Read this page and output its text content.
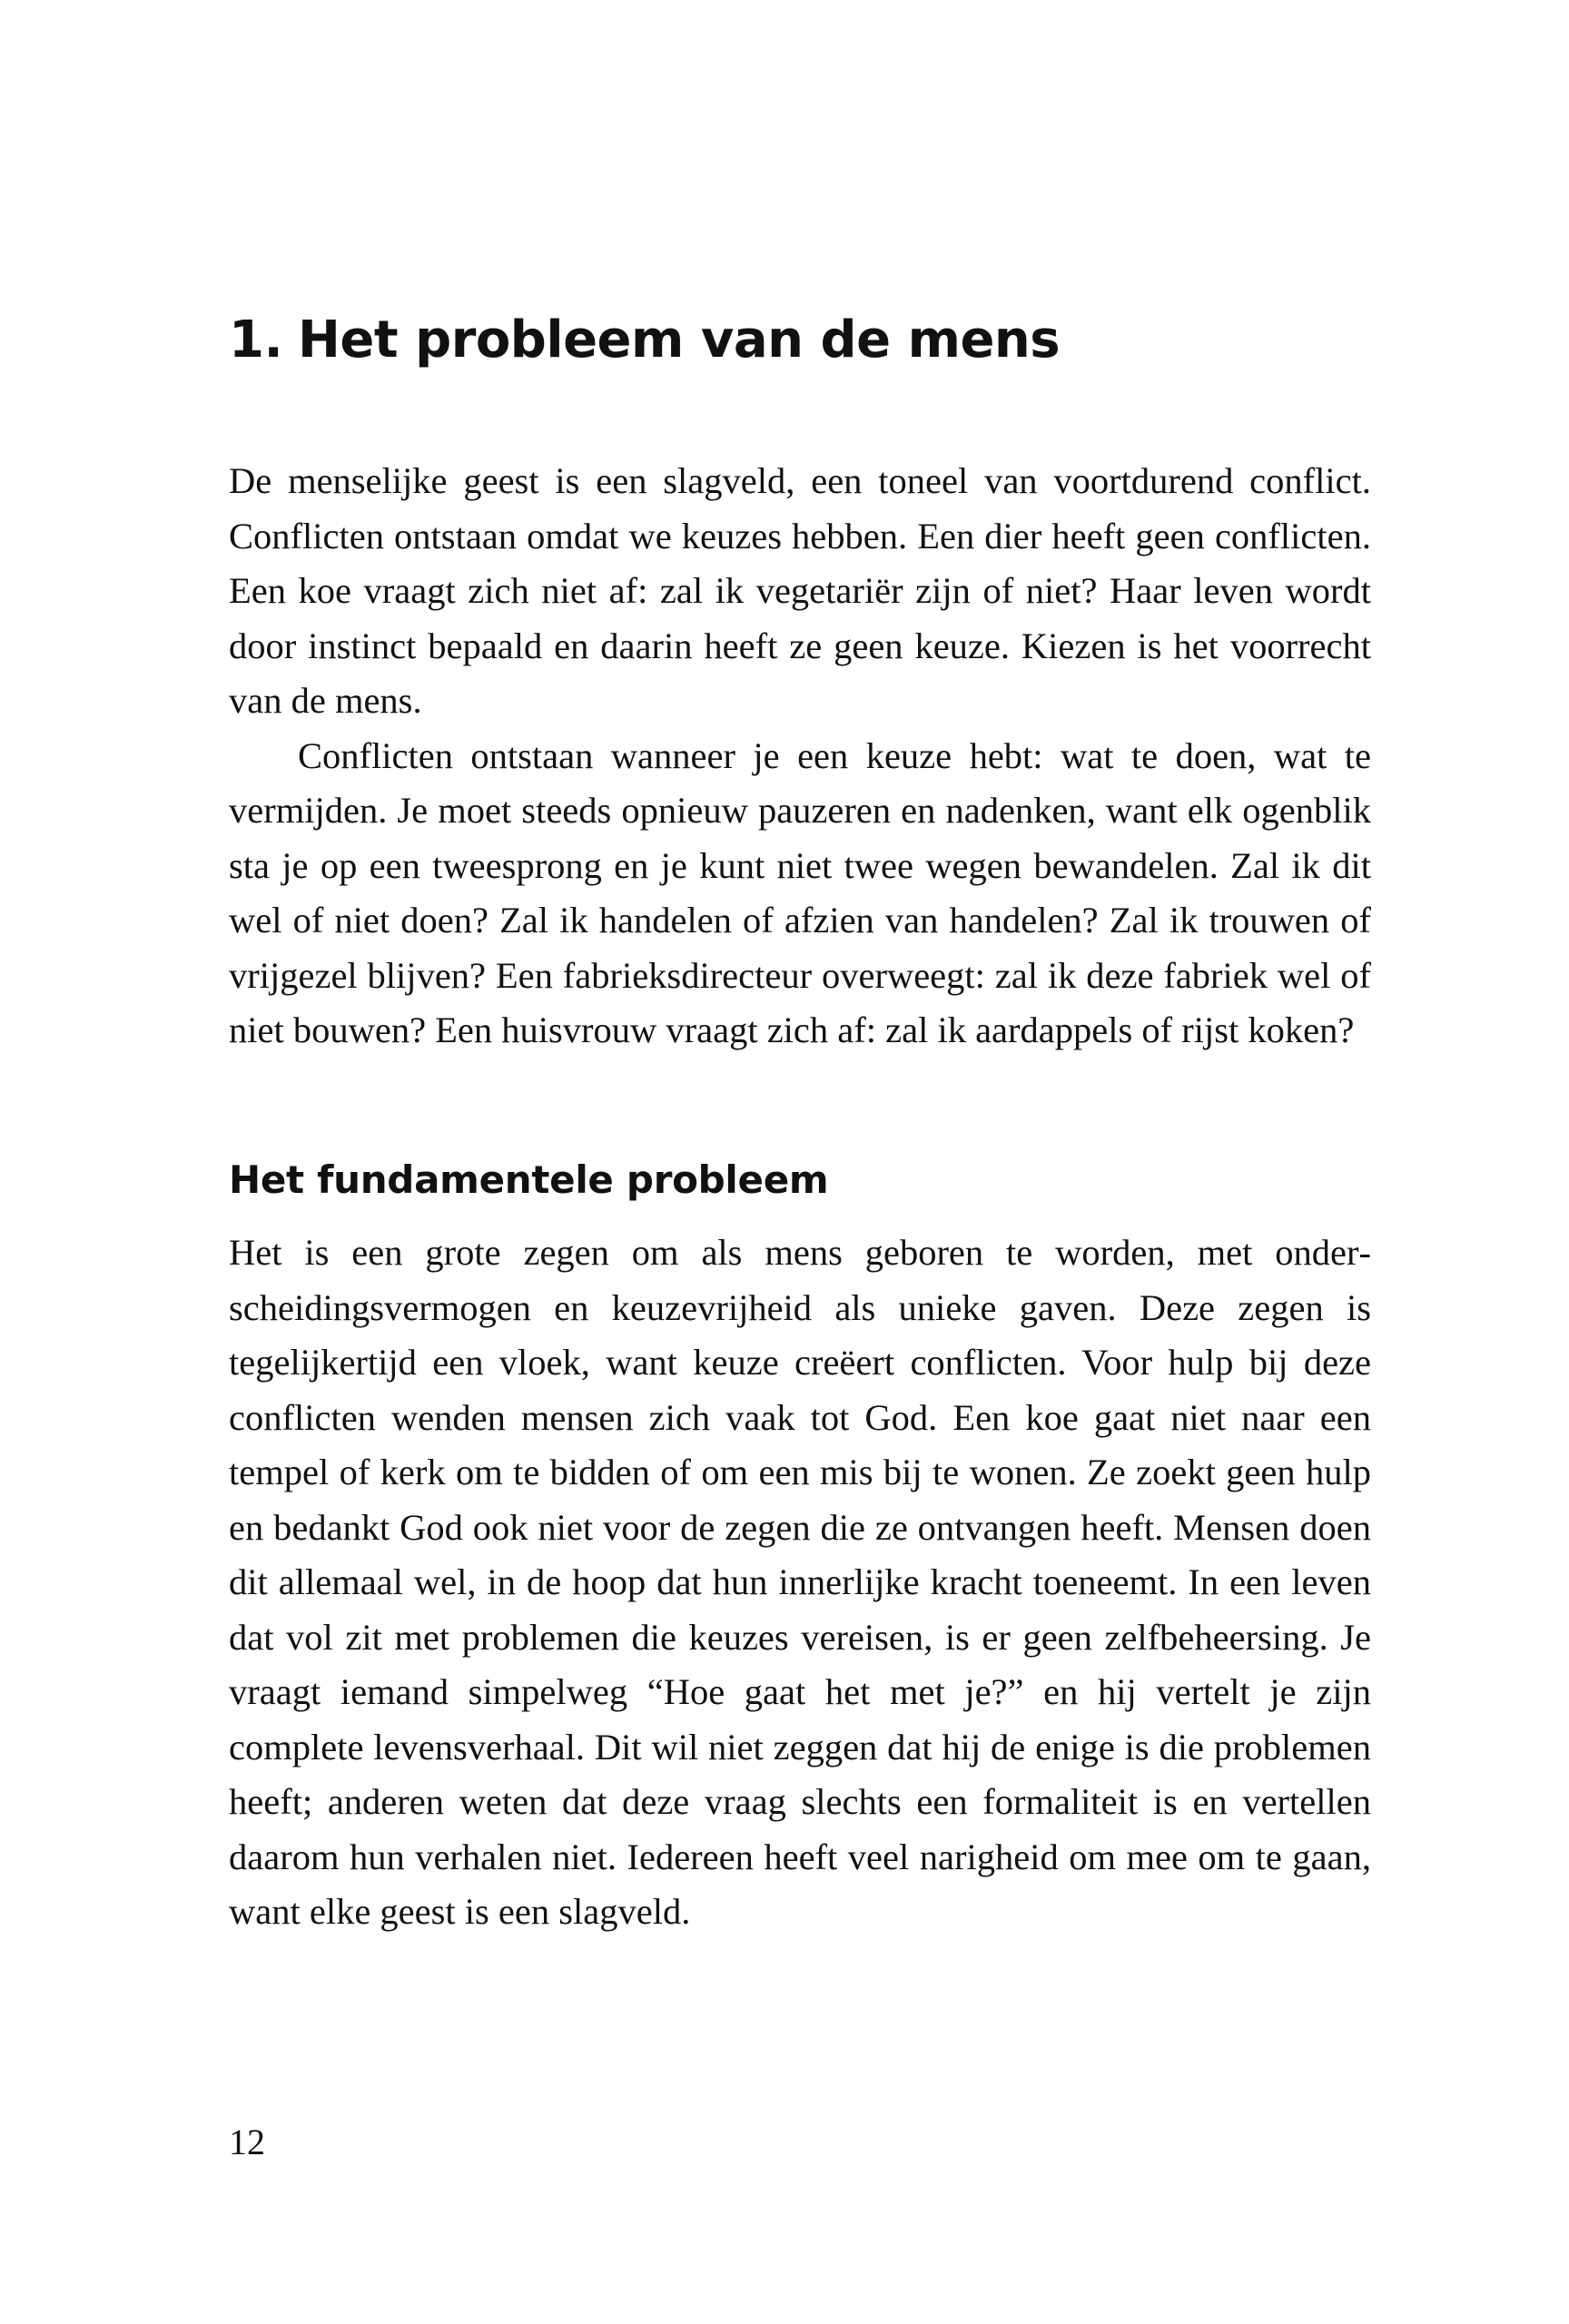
1. Het probleem van de mens

De menselijke geest is een slagveld, een toneel van voortdurend conflict. Conflicten ontstaan omdat we keuzes hebben. Een dier heeft geen conflicten. Een koe vraagt zich niet af: zal ik vegetariër zijn of niet? Haar leven wordt door instinct bepaald en daarin heeft ze geen keuze. Kiezen is het voorrecht van de mens.

Conflicten ontstaan wanneer je een keuze hebt: wat te doen, wat te vermijden. Je moet steeds opnieuw pauzeren en nadenken, want elk ogenblik sta je op een tweesprong en je kunt niet twee wegen bewandelen. Zal ik dit wel of niet doen? Zal ik handelen of afzien van handelen? Zal ik trouwen of vrijgezel blijven? Een fabrieksdirecteur overweegt: zal ik deze fabriek wel of niet bouwen? Een huisvrouw vraagt zich af: zal ik aardappels of rijst koken?

Het fundamentele probleem

Het is een grote zegen om als mens geboren te worden, met onderscheidingsvermogen en keuzevrijheid als unieke gaven. Deze zegen is tegelijkertijd een vloek, want keuze creëert conflicten. Voor hulp bij deze conflicten wenden mensen zich vaak tot God. Een koe gaat niet naar een tempel of kerk om te bidden of om een mis bij te wonen. Ze zoekt geen hulp en bedankt God ook niet voor de zegen die ze ontvangen heeft. Mensen doen dit allemaal wel, in de hoop dat hun innerlijke kracht toeneemt. In een leven dat vol zit met problemen die keuzes vereisen, is er geen zelfbeheersing. Je vraagt iemand simpelweg “Hoe gaat het met je?” en hij vertelt je zijn complete levensverhaal. Dit wil niet zeggen dat hij de enige is die problemen heeft; anderen weten dat deze vraag slechts een formaliteit is en vertellen daarom hun verhalen niet. Iedereen heeft veel narigheid om mee om te gaan, want elke geest is een slagveld.

12
